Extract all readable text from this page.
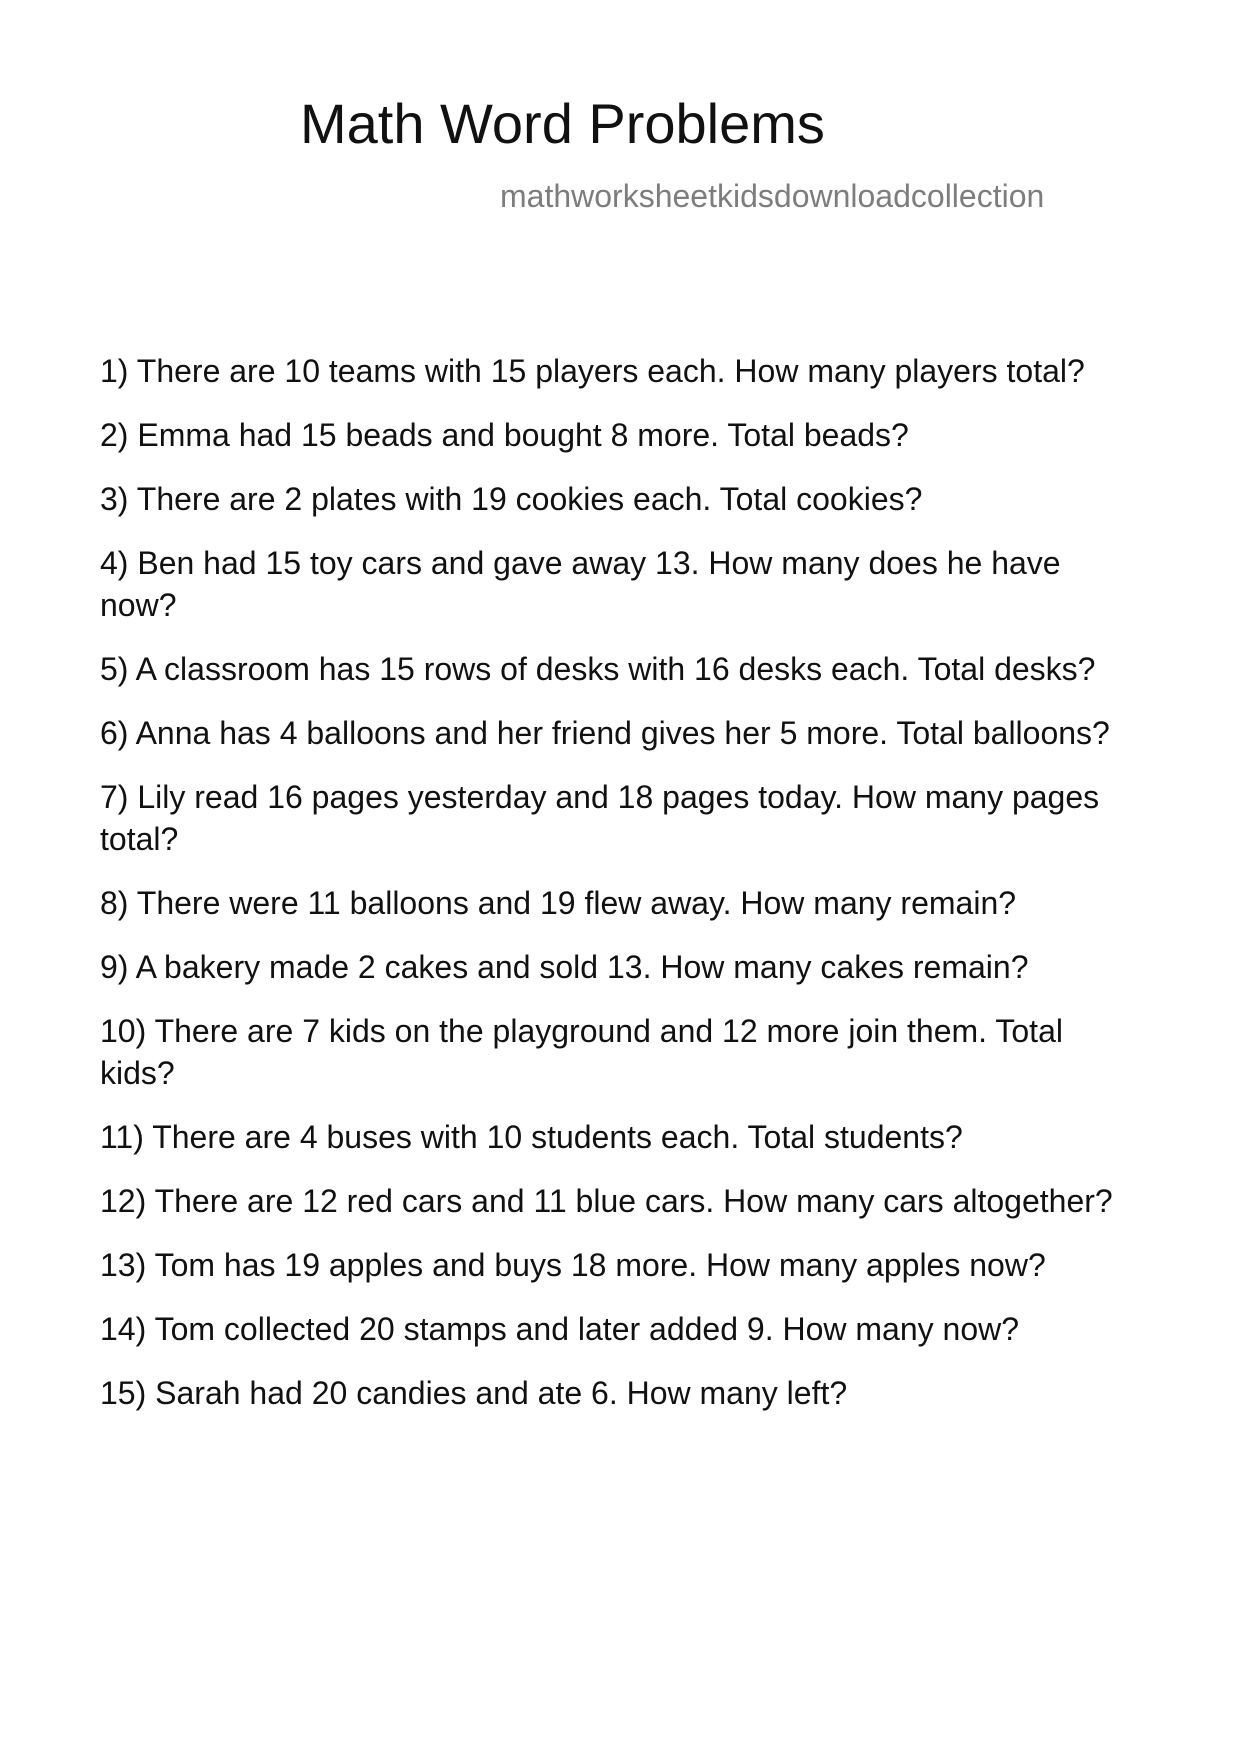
Math Word Problems
mathworksheetkidsdownloadcollection
1) There are 10 teams with 15 players each. How many players total?
2) Emma had 15 beads and bought 8 more. Total beads?
3) There are 2 plates with 19 cookies each. Total cookies?
4) Ben had 15 toy cars and gave away 13. How many does he have now?
5) A classroom has 15 rows of desks with 16 desks each. Total desks?
6) Anna has 4 balloons and her friend gives her 5 more. Total balloons?
7) Lily read 16 pages yesterday and 18 pages today. How many pages total?
8) There were 11 balloons and 19 flew away. How many remain?
9) A bakery made 2 cakes and sold 13. How many cakes remain?
10) There are 7 kids on the playground and 12 more join them. Total kids?
11) There are 4 buses with 10 students each. Total students?
12) There are 12 red cars and 11 blue cars. How many cars altogether?
13) Tom has 19 apples and buys 18 more. How many apples now?
14) Tom collected 20 stamps and later added 9. How many now?
15) Sarah had 20 candies and ate 6. How many left?
